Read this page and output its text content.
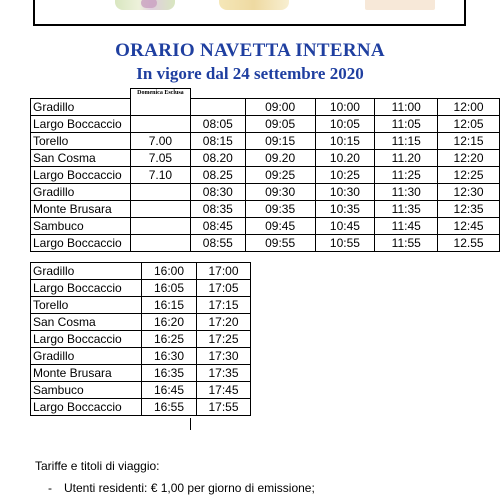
ORARIO NAVETTA INTERNA
In vigore dal 24 settembre 2020
	Domenica Esclusa					
Gradillo			09:00	10:00	11:00	12:00
Largo Boccaccio		08:05	09:05	10:05	11:05	12:05
Torello	7.00	08:15	09:15	10:15	11:15	12:15
San Cosma	7.05	08.20	09.20	10.20	11.20	12:20
Largo Boccaccio	7.10	08.25	09:25	10:25	11:25	12:25
Gradillo		08:30	09:30	10:30	11:30	12:30
Monte Brusara		08:35	09:35	10:35	11:35	12:35
Sambuco		08:45	09:45	10:45	11:45	12:45
Largo Boccaccio		08:55	09:55	10:55	11:55	12.55
Gradillo	16:00	17:00
Largo Boccaccio	16:05	17:05
Torello	16:15	17:15
San Cosma	16:20	17:20
Largo Boccaccio	16:25	17:25
Gradillo	16:30	17:30
Monte Brusara	16:35	17:35
Sambuco	16:45	17:45
Largo Boccaccio	16:55	17:55

Tariffe e titoli di viaggio:

- Utenti residenti: € 1,00 per giorno di emissione;
